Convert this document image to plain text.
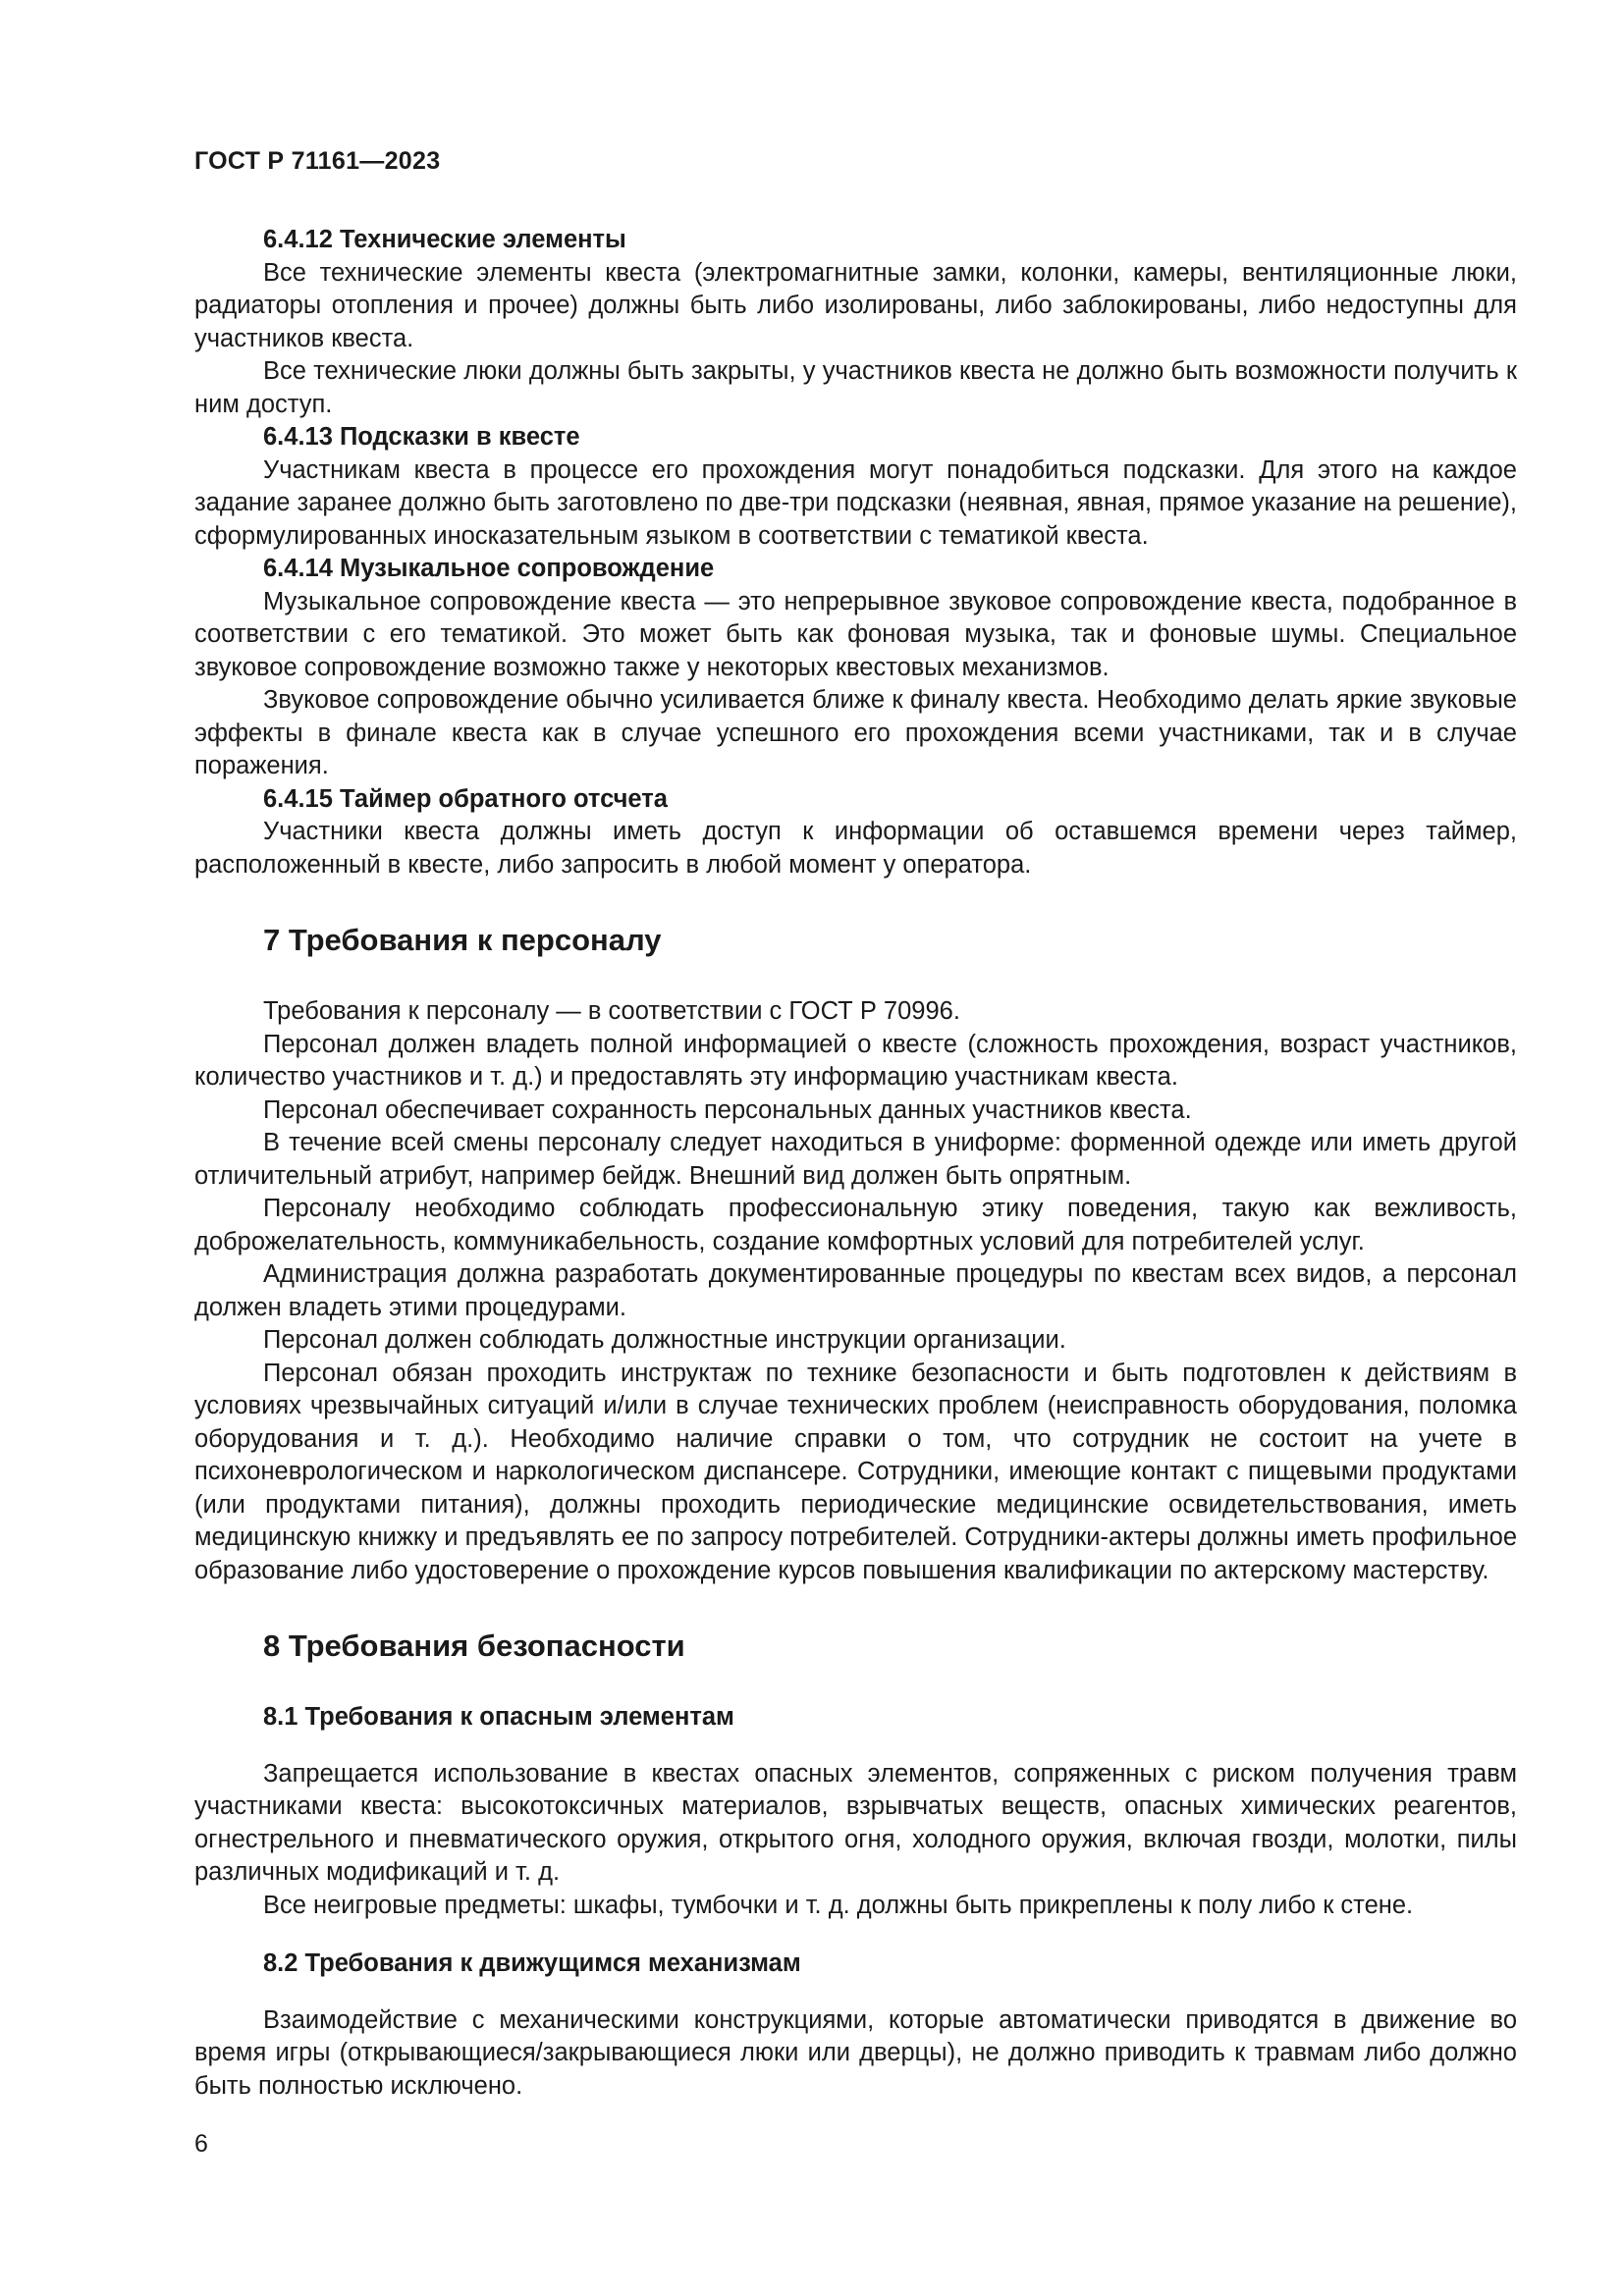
ГОСТ Р 71161—2023
6.4.12 Технические элементы

Все технические элементы квеста (электромагнитные замки, колонки, камеры, вентиляционные люки, радиаторы отопления и прочее) должны быть либо изолированы, либо заблокированы, либо недоступны для участников квеста.

Все технические люки должны быть закрыты, у участников квеста не должно быть возможности получить к ним доступ.

6.4.13 Подсказки в квесте

Участникам квеста в процессе его прохождения могут понадобиться подсказки. Для этого на каждое задание заранее должно быть заготовлено по две-три подсказки (неявная, явная, прямое указание на решение), сформулированных иносказательным языком в соответствии с тематикой квеста.

6.4.14 Музыкальное сопровождение

Музыкальное сопровождение квеста — это непрерывное звуковое сопровождение квеста, подобранное в соответствии с его тематикой. Это может быть как фоновая музыка, так и фоновые шумы. Специальное звуковое сопровождение возможно также у некоторых квестовых механизмов.

Звуковое сопровождение обычно усиливается ближе к финалу квеста. Необходимо делать яркие звуковые эффекты в финале квеста как в случае успешного его прохождения всеми участниками, так и в случае поражения.

6.4.15 Таймер обратного отсчета

Участники квеста должны иметь доступ к информации об оставшемся времени через таймер, расположенный в квесте, либо запросить в любой момент у оператора.

7 Требования к персоналу

Требования к персоналу — в соответствии с ГОСТ Р 70996.

Персонал должен владеть полной информацией о квесте (сложность прохождения, возраст участников, количество участников и т. д.) и предоставлять эту информацию участникам квеста.

Персонал обеспечивает сохранность персональных данных участников квеста.

В течение всей смены персоналу следует находиться в униформе: форменной одежде или иметь другой отличительный атрибут, например бейдж. Внешний вид должен быть опрятным.

Персоналу необходимо соблюдать профессиональную этику поведения, такую как вежливость, доброжелательность, коммуникабельность, создание комфортных условий для потребителей услуг.

Администрация должна разработать документированные процедуры по квестам всех видов, а персонал должен владеть этими процедурами.

Персонал должен соблюдать должностные инструкции организации.

Персонал обязан проходить инструктаж по технике безопасности и быть подготовлен к действиям в условиях чрезвычайных ситуаций и/или в случае технических проблем (неисправность оборудования, поломка оборудования и т. д.). Необходимо наличие справки о том, что сотрудник не состоит на учете в психоневрологическом и наркологическом диспансере. Сотрудники, имеющие контакт с пищевыми продуктами (или продуктами питания), должны проходить периодические медицинские освидетельствования, иметь медицинскую книжку и предъявлять ее по запросу потребителей. Сотрудники-актеры должны иметь профильное образование либо удостоверение о прохождение курсов повышения квалификации по актерскому мастерству.

8 Требования безопасности
8.1 Требования к опасным элементам

Запрещается использование в квестах опасных элементов, сопряженных с риском получения травм участниками квеста: высокотоксичных материалов, взрывчатых веществ, опасных химических реагентов, огнестрельного и пневматического оружия, открытого огня, холодного оружия, включая гвозди, молотки, пилы различных модификаций и т. д.

Все неигровые предметы: шкафы, тумбочки и т. д. должны быть прикреплены к полу либо к стене.

8.2 Требования к движущимся механизмам

Взаимодействие с механическими конструкциями, которые автоматически приводятся в движение во время игры (открывающиеся/закрывающиеся люки или дверцы), не должно приводить к травмам либо должно быть полностью исключено.

6
